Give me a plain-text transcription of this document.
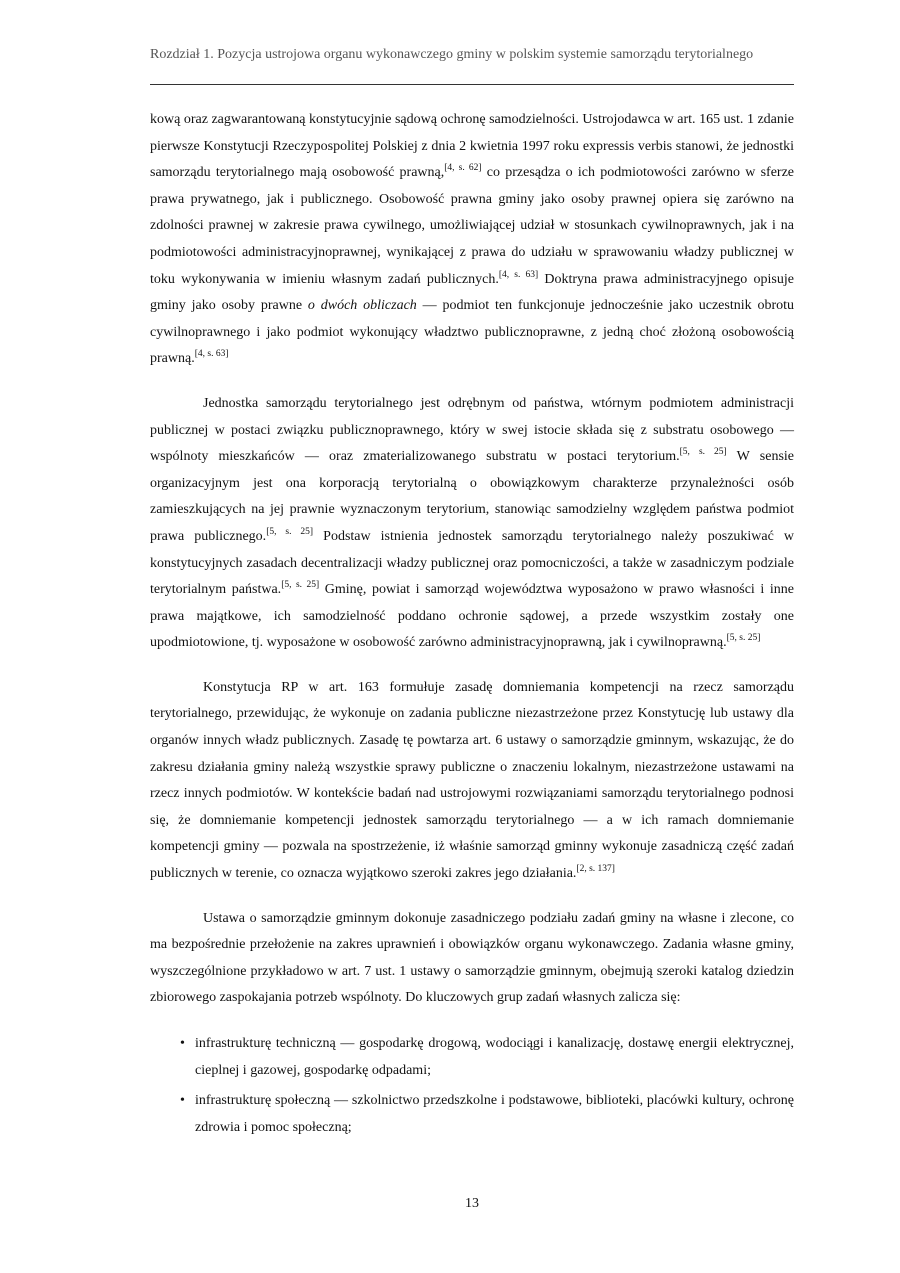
Rozdział 1. Pozycja ustrojowa organu wykonawczego gminy w polskim systemie samorządu terytorialnego

kową oraz zagwarantowaną konstytucyjnie sądową ochronę samodzielności. Ustrojodawca w art. 165 ust. 1 zdanie pierwsze Konstytucji Rzeczypospolitej Polskiej z dnia 2 kwietnia 1997 roku expressis verbis stanowi, że jednostki samorządu terytorialnego mają osobowość prawną,[4, s. 62] co przesądza o ich podmiotowości zarówno w sferze prawa prywatnego, jak i publicznego. Osobowość prawna gminy jako osoby prawnej opiera się zarówno na zdolności prawnej w zakresie prawa cywilnego, umożliwiającej udział w stosunkach cywilnoprawnych, jak i na podmiotowości administracyjnoprawnej, wynikającej z prawa do udziału w sprawowaniu władzy publicznej w toku wykonywania w imieniu własnym zadań publicznych.[4, s. 63] Doktryna prawa administracyjnego opisuje gminy jako osoby prawne o dwóch obliczach — podmiot ten funkcjonuje jednocześnie jako uczestnik obrotu cywilnoprawnego i jako podmiot wykonujący władztwo publicznoprawne, z jedną choć złożoną osobowością prawną.[4, s. 63]

Jednostka samorządu terytorialnego jest odrębnym od państwa, wtórnym podmiotem administracji publicznej w postaci związku publicznoprawnego, który w swej istocie składa się z substratu osobowego — wspólnoty mieszkańców — oraz zmaterializowanego substratu w postaci terytorium.[5, s. 25] W sensie organizacyjnym jest ona korporacją terytorialną o obowiązkowym charakterze przynależności osób zamieszkujących na jej prawnie wyznaczonym terytorium, stanowiąc samodzielny względem państwa podmiot prawa publicznego.[5, s. 25] Podstaw istnienia jednostek samorządu terytorialnego należy poszukiwać w konstytucyjnych zasadach decentralizacji władzy publicznej oraz pomocniczości, a także w zasadniczym podziale terytorialnym państwa.[5, s. 25] Gminę, powiat i samorząd województwa wyposażono w prawo własności i inne prawa majątkowe, ich samodzielność poddano ochronie sądowej, a przede wszystkim zostały one upodmiotowione, tj. wyposażone w osobowość zarówno administracyjnoprawną, jak i cywilnoprawną.[5, s. 25]

Konstytucja RP w art. 163 formułuje zasadę domniemania kompetencji na rzecz samorządu terytorialnego, przewidując, że wykonuje on zadania publiczne niezastrzeżone przez Konstytucję lub ustawy dla organów innych władz publicznych. Zasadę tę powtarza art. 6 ustawy o samorządzie gminnym, wskazując, że do zakresu działania gminy należą wszystkie sprawy publiczne o znaczeniu lokalnym, niezastrzeżone ustawami na rzecz innych podmiotów. W kontekście badań nad ustrojowymi rozwiązaniami samorządu terytorialnego podnosi się, że domniemanie kompetencji jednostek samorządu terytorialnego — a w ich ramach domniemanie kompetencji gminy — pozwala na spostrzeżenie, iż właśnie samorząd gminny wykonuje zasadniczą część zadań publicznych w terenie, co oznacza wyjątkowo szeroki zakres jego działania.[2, s. 137]

Ustawa o samorządzie gminnym dokonuje zasadniczego podziału zadań gminy na własne i zlecone, co ma bezpośrednie przełożenie na zakres uprawnień i obowiązków organu wykonawczego. Zadania własne gminy, wyszczególnione przykładowo w art. 7 ust. 1 ustawy o samorządzie gminnym, obejmują szeroki katalog dziedzin zbiorowego zaspokajania potrzeb wspólnoty. Do kluczowych grup zadań własnych zalicza się:

• infrastrukturę techniczną — gospodarkę drogową, wodociągi i kanalizację, dostawę energii elektrycznej, cieplnej i gazowej, gospodarkę odpadami;
• infrastrukturę społeczną — szkolnictwo przedszkolne i podstawowe, biblioteki, placówki kultury, ochronę zdrowia i pomoc społeczną;
13
